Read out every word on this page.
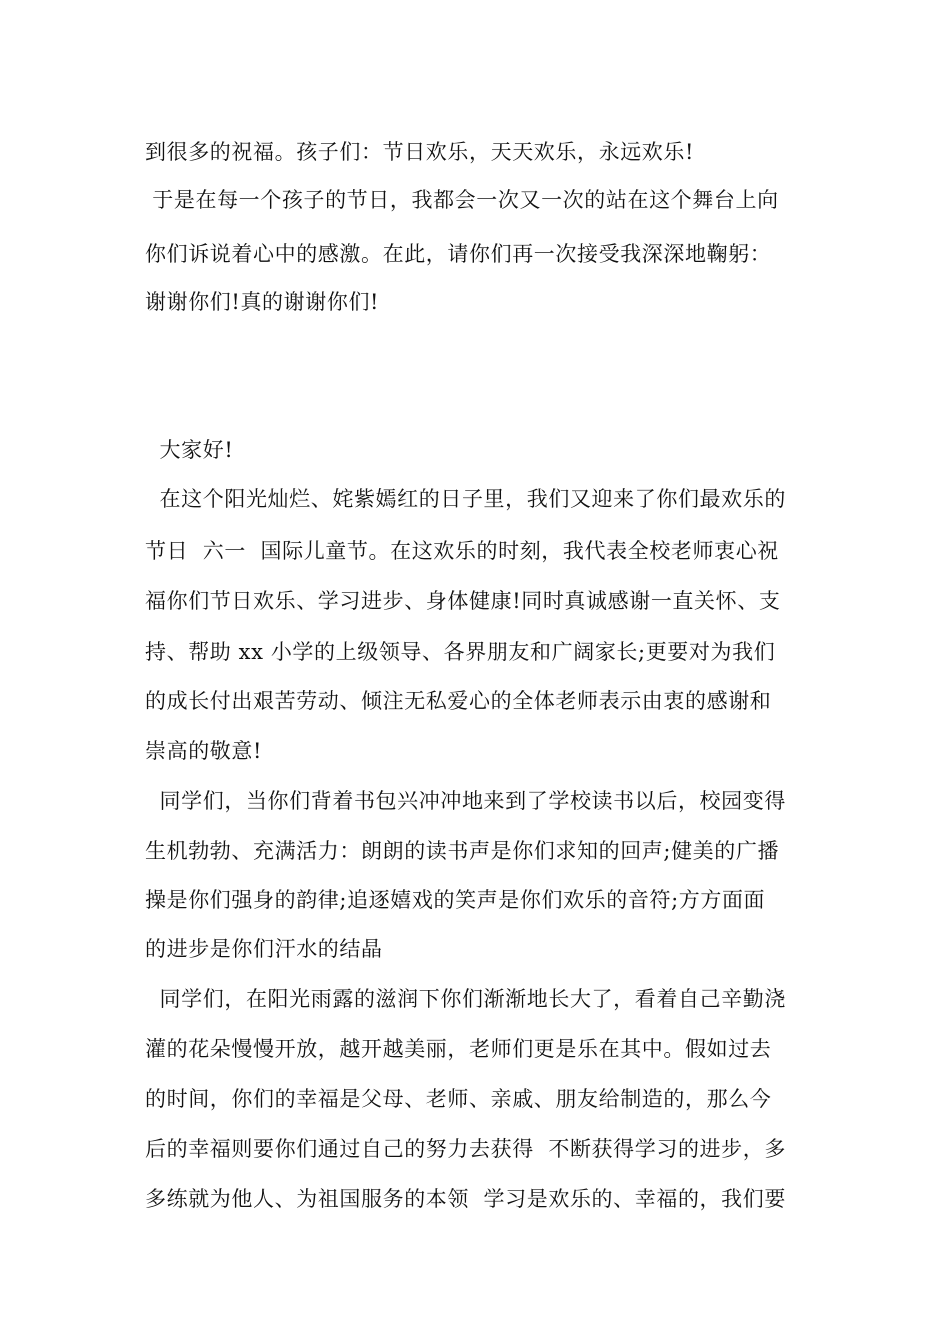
到很多的祝福。孩子们：节日欢乐，天天欢乐，永远欢乐!
于是在每一个孩子的节日，我都会一次又一次的站在这个舞台上向
你们诉说着心中的感激。在此，请你们再一次接受我深深地鞠躬：
谢谢你们!真的谢谢你们!
大家好!
在这个阳光灿烂、姹紫嫣红的日子里，我们又迎来了你们最欢乐的
节日  六一  国际儿童节。在这欢乐的时刻，我代表全校老师衷心祝
福你们节日欢乐、学习进步、身体健康!同时真诚感谢一直关怀、支
持、帮助 xx 小学的上级领导、各界朋友和广阔家长;更要对为我们
的成长付出艰苦劳动、倾注无私爱心的全体老师表示由衷的感谢和
崇高的敬意!
同学们，当你们背着书包兴冲冲地来到了学校读书以后，校园变得
生机勃勃、充满活力：朗朗的读书声是你们求知的回声;健美的广播
操是你们强身的韵律;追逐嬉戏的笑声是你们欢乐的音符;方方面面
的进步是你们汗水的结晶
同学们，在阳光雨露的滋润下你们渐渐地长大了，看着自己辛勤浇
灌的花朵慢慢开放，越开越美丽，老师们更是乐在其中。假如过去
的时间，你们的幸福是父母、老师、亲戚、朋友给制造的，那么今
后的幸福则要你们通过自己的努力去获得  不断获得学习的进步，多
多练就为他人、为祖国服务的本领  学习是欢乐的、幸福的，我们要
